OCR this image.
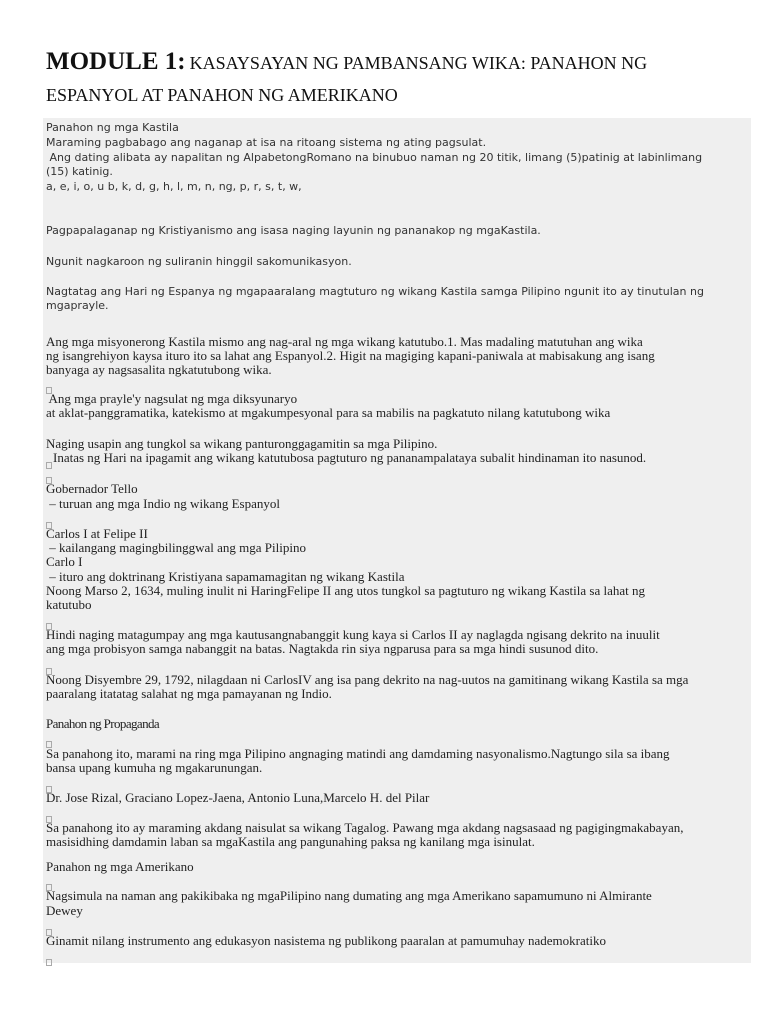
MODULE 1: KASAYSAYAN NG PAMBANSANG WIKA: PANAHON NG
ESPANYOL AT PANAHON NG AMERIKANO

Panahon ng mga Kastila

Maraming pagbabago ang naganap at isa na ritoang sistema ng ating pagsulat.

Ang dating alibata ay napalitan ng AlpabetongRomano na binubuo naman ng 20 titik, limang (5)patinig at labinlimang

(15) katinig.

a, e, i, o, u b, k, d, g, h, l, m, n, ng, p, r, s, t, w,

Pagpapalaganap ng Kristiyanismo ang isasa naging layunin ng pananakop ng mgaKastila.

Ngunit nagkaroon ng suliranin hinggil sakomunikasyon.

Nagtatag ang Hari ng Espanya ng mgapaaralang magtuturo ng wikang Kastila samga Pilipino ngunit ito ay tinutulan ng

mgaprayle.

Ang mga misyonerong Kastila mismo ang nag-aral ng mga wikang katutubo.1. Mas madaling matutuhan ang wika

ng isangrehiyon kaysa ituro ito sa lahat ang Espanyol.2. Higit na magiging kapani-paniwala at mabisakung ang isang

banyaga ay nagsasalita ngkatutubong wika.

Ang mga prayle'y nagsulat ng mga diksyunaryo

at aklat-panggramatika, katekismo at mgakumpesyonal para sa mabilis na pagkatuto nilang katutubong wika

Naging usapin ang tungkol sa wikang panturonggagamitin sa mga Pilipino.

Inatas ng Hari na ipagamit ang wikang katutubosa pagtuturo ng pananampalataya subalit hindinaman ito nasunod.

Gobernador Tello

– turuan ang mga Indio ng wikang Espanyol

Carlos I at Felipe II

– kailangang magingbilinggwal ang mga Pilipino

Carlo I

– ituro ang doktrinang Kristiyana sapamamagitan ng wikang Kastila

Noong Marso 2, 1634, muling inulit ni HaringFelipe II ang utos tungkol sa pagtuturo ng wikang Kastila sa lahat ng

katutubo

Hindi naging matagumpay ang mga kautusangnabanggit kung kaya si Carlos II ay naglagda ngisang dekrito na inuulit

ang mga probisyon samga nabanggit na batas. Nagtakda rin siya ngparusa para sa mga hindi susunod dito.

Noong Disyembre 29, 1792, nilagdaan ni CarlosIV ang isa pang dekrito na nag-uutos na gamitinang wikang Kastila sa mga

paaralang itatatag salahat ng mga pamayanan ng Indio.

Panahon ng Propaganda

Sa panahong ito, marami na ring mga Pilipino angnaging matindi ang damdaming nasyonalismo.Nagtungo sila sa ibang

bansa upang kumuha ng mgakarunungan.

Dr. Jose Rizal, Graciano Lopez-Jaena, Antonio Luna,Marcelo H. del Pilar

Sa panahong ito ay maraming akdang naisulat sa wikang Tagalog. Pawang mga akdang nagsasaad ng pagigingmakabayan,

masisidhing damdamin laban sa mgaKastila ang pangunahing paksa ng kanilang mga isinulat.

Panahon ng mga Amerikano

Nagsimula na naman ang pakikibaka ng mgaPilipino nang dumating ang mga Amerikano sapamumuno ni Almirante

Dewey

Ginamit nilang instrumento ang edukasyon nasistema ng publikong paaralan at pamumuhay nademokratiko
